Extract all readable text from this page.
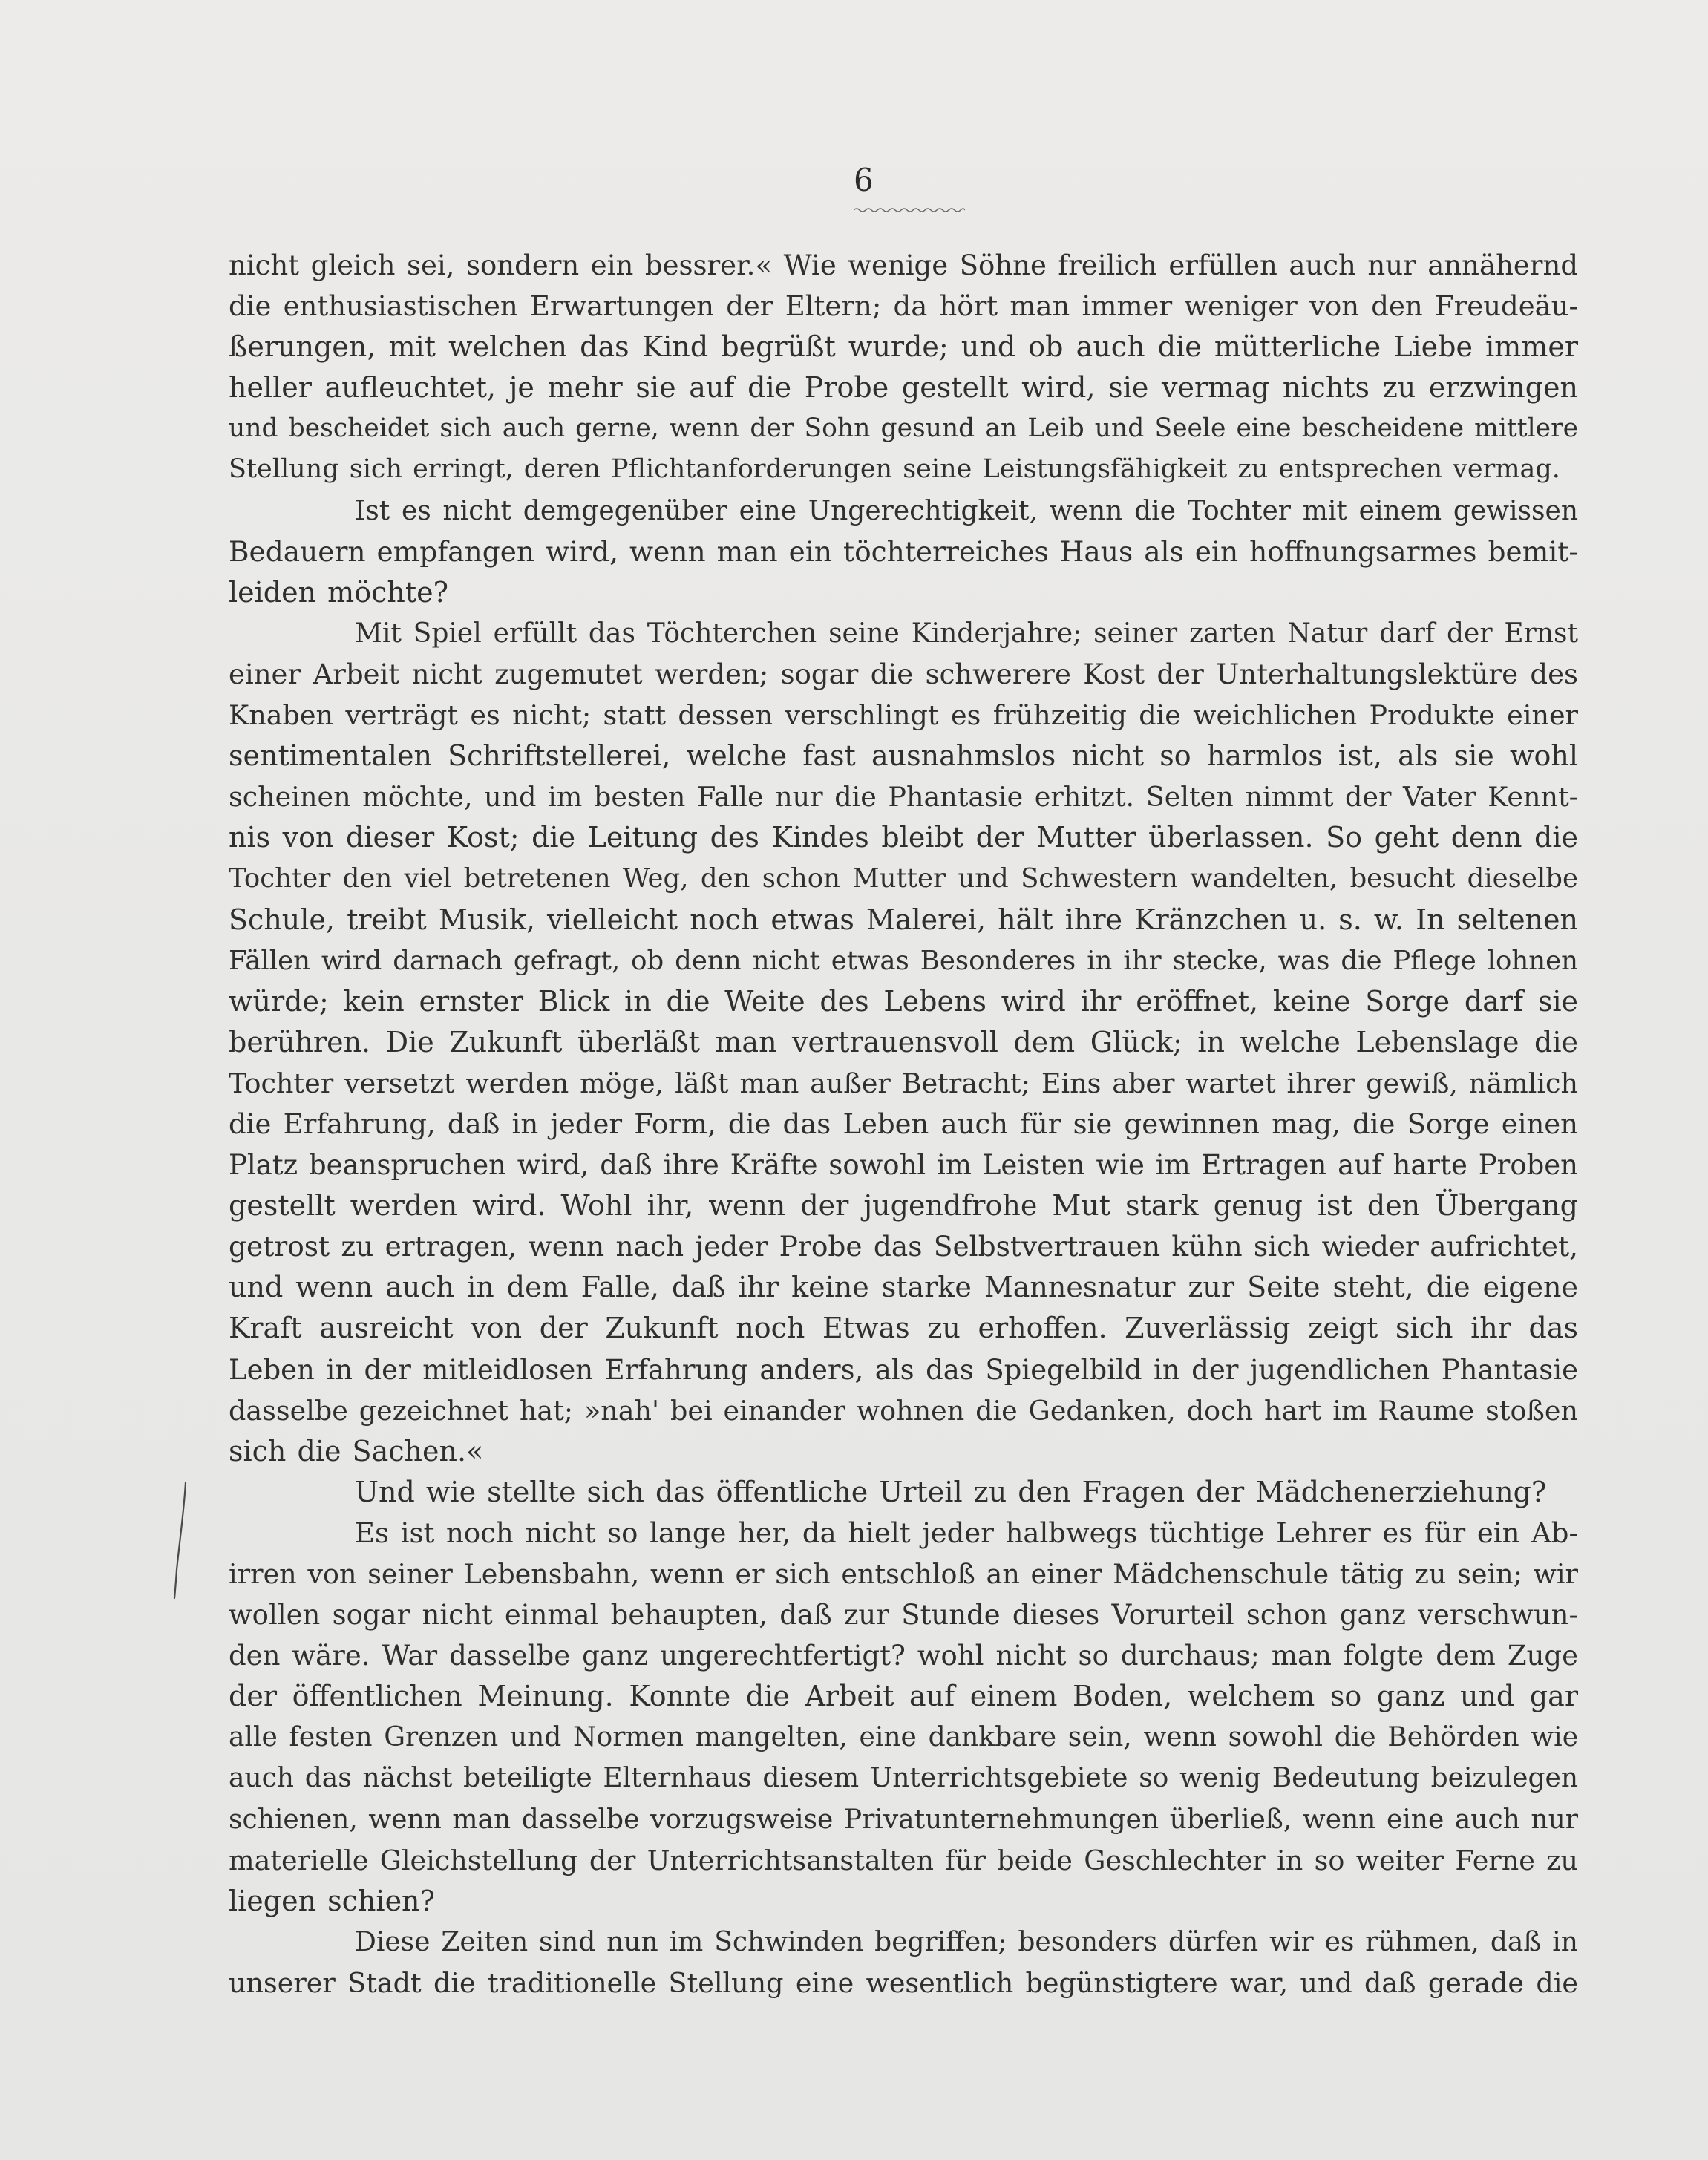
6
nicht gleich sei, sondern ein bessrer.« Wie wenige Söhne freilich erfüllen auch nur annähernd
die enthusiastischen Erwartungen der Eltern; da hört man immer weniger von den Freudeäu-
ßerungen, mit welchen das Kind begrüßt wurde; und ob auch die mütterliche Liebe immer
heller aufleuchtet, je mehr sie auf die Probe gestellt wird, sie vermag nichts zu erzwingen
und bescheidet sich auch gerne, wenn der Sohn gesund an Leib und Seele eine bescheidene mittlere
Stellung sich erringt, deren Pflichtanforderungen seine Leistungsfähigkeit zu entsprechen vermag.
Ist es nicht demgegenüber eine Ungerechtigkeit, wenn die Tochter mit einem gewissen
Bedauern empfangen wird, wenn man ein töchterreiches Haus als ein hoffnungsarmes bemit-
leiden möchte?
Mit Spiel erfüllt das Töchterchen seine Kinderjahre; seiner zarten Natur darf der Ernst
einer Arbeit nicht zugemutet werden; sogar die schwerere Kost der Unterhaltungslektüre des
Knaben verträgt es nicht; statt dessen verschlingt es frühzeitig die weichlichen Produkte einer
sentimentalen Schriftstellerei, welche fast ausnahmslos nicht so harmlos ist, als sie wohl
scheinen möchte, und im besten Falle nur die Phantasie erhitzt. Selten nimmt der Vater Kennt-
nis von dieser Kost; die Leitung des Kindes bleibt der Mutter überlassen. So geht denn die
Tochter den viel betretenen Weg, den schon Mutter und Schwestern wandelten, besucht dieselbe
Schule, treibt Musik, vielleicht noch etwas Malerei, hält ihre Kränzchen u. s. w. In seltenen
Fällen wird darnach gefragt, ob denn nicht etwas Besonderes in ihr stecke, was die Pflege lohnen
würde; kein ernster Blick in die Weite des Lebens wird ihr eröffnet, keine Sorge darf sie
berühren. Die Zukunft überläßt man vertrauensvoll dem Glück; in welche Lebenslage die
Tochter versetzt werden möge, läßt man außer Betracht; Eins aber wartet ihrer gewiß, nämlich
die Erfahrung, daß in jeder Form, die das Leben auch für sie gewinnen mag, die Sorge einen
Platz beanspruchen wird, daß ihre Kräfte sowohl im Leisten wie im Ertragen auf harte Proben
gestellt werden wird. Wohl ihr, wenn der jugendfrohe Mut stark genug ist den Übergang
getrost zu ertragen, wenn nach jeder Probe das Selbstvertrauen kühn sich wieder aufrichtet,
und wenn auch in dem Falle, daß ihr keine starke Mannesnatur zur Seite steht, die eigene
Kraft ausreicht von der Zukunft noch Etwas zu erhoffen. Zuverlässig zeigt sich ihr das
Leben in der mitleidlosen Erfahrung anders, als das Spiegelbild in der jugendlichen Phantasie
dasselbe gezeichnet hat; »nah' bei einander wohnen die Gedanken, doch hart im Raume stoßen
sich die Sachen.«
Und wie stellte sich das öffentliche Urteil zu den Fragen der Mädchenerziehung?
Es ist noch nicht so lange her, da hielt jeder halbwegs tüchtige Lehrer es für ein Ab-
irren von seiner Lebensbahn, wenn er sich entschloß an einer Mädchenschule tätig zu sein; wir
wollen sogar nicht einmal behaupten, daß zur Stunde dieses Vorurteil schon ganz verschwun-
den wäre. War dasselbe ganz ungerechtfertigt? wohl nicht so durchaus; man folgte dem Zuge
der öffentlichen Meinung. Konnte die Arbeit auf einem Boden, welchem so ganz und gar
alle festen Grenzen und Normen mangelten, eine dankbare sein, wenn sowohl die Behörden wie
auch das nächst beteiligte Elternhaus diesem Unterrichtsgebiete so wenig Bedeutung beizulegen
schienen, wenn man dasselbe vorzugsweise Privatunternehmungen überließ, wenn eine auch nur
materielle Gleichstellung der Unterrichtsanstalten für beide Geschlechter in so weiter Ferne zu
liegen schien?
Diese Zeiten sind nun im Schwinden begriffen; besonders dürfen wir es rühmen, daß in
unserer Stadt die traditionelle Stellung eine wesentlich begünstigtere war, und daß gerade die
